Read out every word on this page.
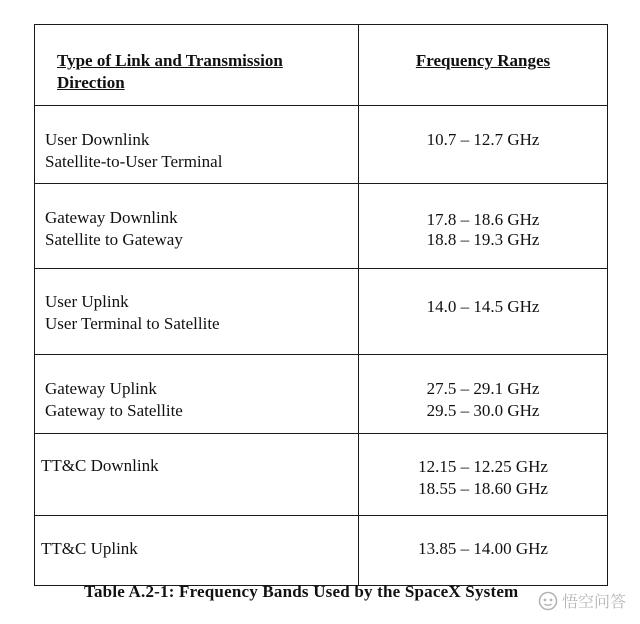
Type of Link and Transmission
Direction
Frequency Ranges
User Downlink
Satellite-to-User Terminal
10.7 – 12.7 GHz
Gateway Downlink
Satellite to Gateway
17.8 – 18.6 GHz
18.8 – 19.3 GHz
User Uplink
User Terminal to Satellite
14.0 – 14.5 GHz
Gateway Uplink
Gateway to Satellite
27.5 – 29.1 GHz
29.5 – 30.0 GHz
TT&C Downlink	12.15 – 12.25 GHz
18.55 – 18.60 GHz
TT&C Uplink	13.85 – 14.00 GHz
Table A.2-1: Frequency Bands Used by the SpaceX System
悟空问答
